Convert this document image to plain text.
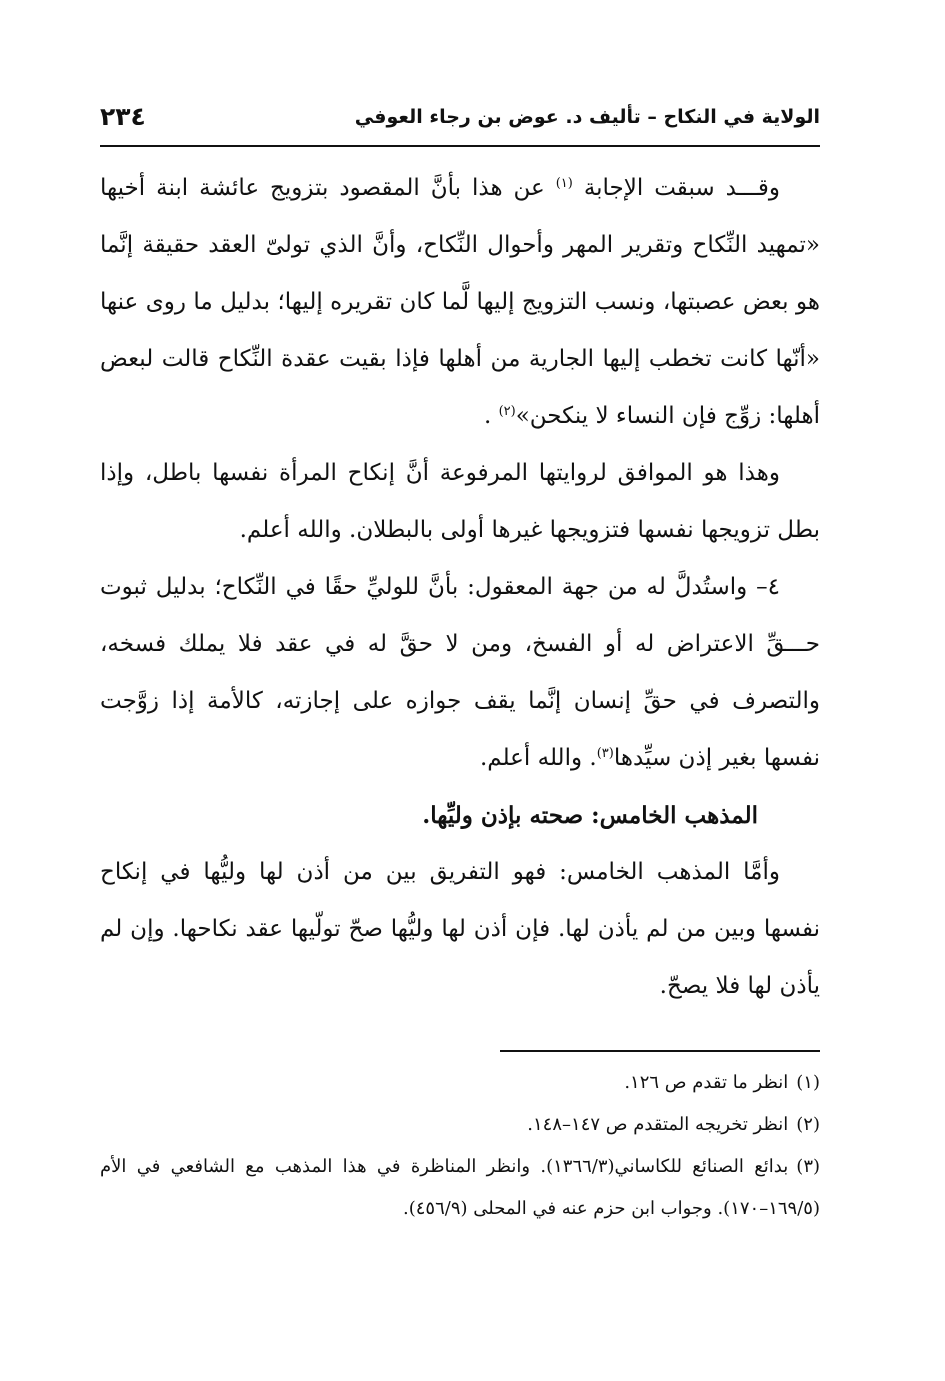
الولاية في النكاح – تأليف د. عوض بن رجاء العوفي
٢٣٤

وقـــد سبقت الإجابة $^{(١)}$ عن هذا بأنَّ المقصود بتزويج عائشة ابنة أخيها «تمهيد النِّكاح وتقرير المهر وأحوال النِّكاح، وأنَّ الذي تولىّ العقد حقيقة إنَّما هو بعض عصبتها، ونسب التزويج إليها لَّما كان تقريره إليها؛ بدليل ما روى عنها «أنّها كانت تخطب إليها الجارية من أهلها فإذا بقيت عقدة النِّكاح قالت لبعض أهلها: زوِّج فإن النساء لا ينكحن»$^{(٢)}$ .

وهذا هو الموافق لروايتها المرفوعة أنَّ إنكاح المرأة نفسها باطل، وإذا بطل تزويجها نفسها فتزويجها غيرها أولى بالبطلان. والله أعلم.

٤– واستُدلَّ له من جهة المعقول: بأنَّ للوليِّ حقًا في النِّكاح؛ بدليل ثبوت حـــقِّ الاعتراض له أو الفسخ، ومن لا حقَّ له في عقد فلا يملك فسخه، والتصرف في حقِّ إنسان إنَّما يقف جوازه على إجازته، كالأمة إذا زوَّجت نفسها بغير إذن سيِّدها$^{(٣)}$. والله أعلم.

المذهب الخامس: صحته بإذن وليِّها.

وأمَّا المذهب الخامس: فهو التفريق بين من أذن لها وليُّها في إنكاح نفسها وبين من لم يأذن لها. فإن أذن لها وليُّها صحّ تولّيها عقد نكاحها. وإن لم يأذن لها فلا يصحّ.

(١)انظر ما تقدم ص ١٢٦.

(٢)انظر تخريجه المتقدم ص ١٤٧–١٤٨.

(٣)بدائع الصنائع للكاساني(١٣٦٦/٣). وانظر المناظرة في هذا المذهب مع الشافعي في الأم (١٦٩/٥–١٧٠). وجواب ابن حزم عنه في المحلى (٤٥٦/٩).
